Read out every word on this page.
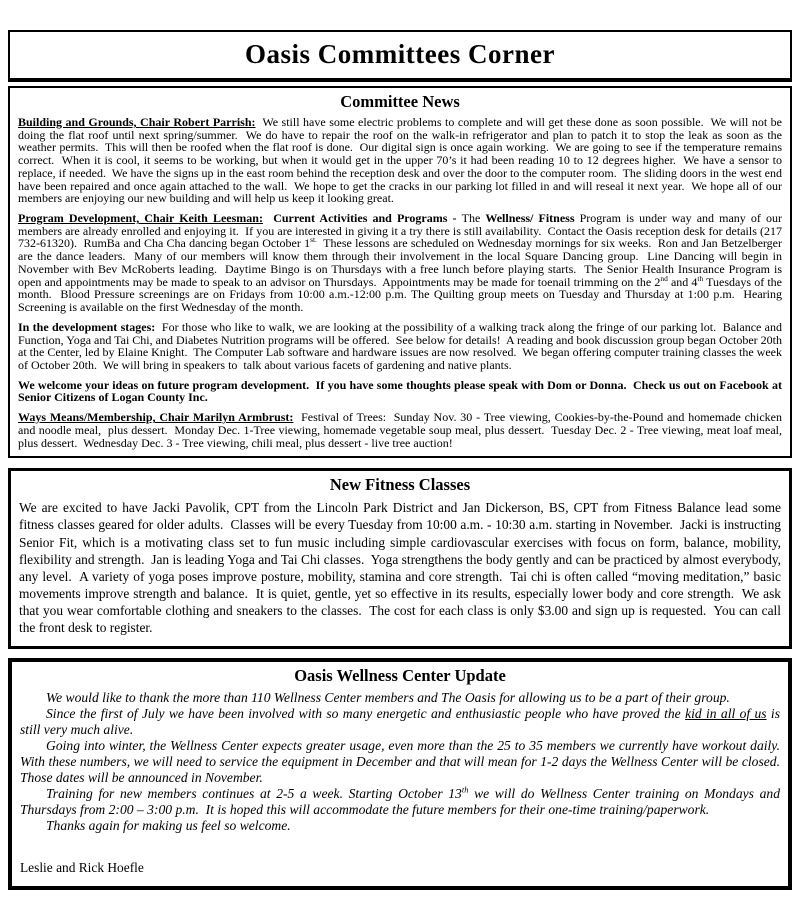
Oasis Committees Corner
Committee News

Building and Grounds, Chair Robert Parrish:  We still have some electric problems to complete and will get these done as soon possible.  We will not be doing the flat roof until next spring/summer.  We do have to repair the roof on the walk-in refrigerator and plan to patch it to stop the leak as soon as the weather permits.  This will then be roofed when the flat roof is done.  Our digital sign is once again working.  We are going to see if the temperature remains correct.  When it is cool, it seems to be working, but when it would get in the upper 70’s it had been reading 10 to 12 degrees higher.  We have a sensor to replace, if needed.  We have the signs up in the east room behind the reception desk and over the door to the computer room.  The sliding doors in the west end have been repaired and once again attached to the wall.  We hope to get the cracks in our parking lot filled in and will reseal it next year.  We hope all of our members are enjoying our new building and will help us keep it looking great.

Program Development, Chair Keith Leesman: Current Activities and Programs - The Wellness/ Fitness Program is under way and many of our members are already enrolled and enjoying it.  If you are interested in giving it a try there is still availability.  Contact the Oasis reception desk for details (217 732-61320).  RumBa and Cha Cha dancing began October $1^{st.}$  These lessons are scheduled on Wednesday mornings for six weeks.  Ron and Jan Betzelberger are the dance leaders.  Many of our members will know them through their involvement in the local Square Dancing group.  Line Dancing will begin in November with Bev McRoberts leading.  Daytime Bingo is on Thursdays with a free lunch before playing starts.  The Senior Health Insurance Program is open and appointments may be made to speak to an advisor on Thursdays.  Appointments may be made for toenail trimming on the 2nd and 4th Tuesdays of the month.  Blood Pressure screenings are on Fridays from 10:00 a.m.-12:00 p.m. The Quilting group meets on Tuesday and Thursday at 1:00 p.m.  Hearing Screening is available on the first Wednesday of the month.

In the development stages:  For those who like to walk, we are looking at the possibility of a walking track along the fringe of our parking lot.  Balance and Function, Yoga and Tai Chi, and Diabetes Nutrition programs will be offered.  See below for details!  A reading and book discussion group began October 20th at the Center, led by Elaine Knight.  The Computer Lab software and hardware issues are now resolved.  We began offering computer training classes the week of October 20th.  We will bring in speakers to  talk about various facets of gardening and native plants.

We welcome your ideas on future program development.  If you have some thoughts please speak with Dom or Donna.  Check us out on Facebook at Senior Citizens of Logan County Inc.

Ways Means/Membership, Chair Marilyn Armbrust:  Festival of Trees:  Sunday Nov. 30 - Tree viewing, Cookies-by-the-Pound and homemade chicken and noodle meal,  plus dessert.  Monday Dec. 1-Tree viewing, homemade vegetable soup meal, plus dessert.  Tuesday Dec. 2 - Tree viewing, meat loaf meal, plus dessert.  Wednesday Dec. 3 - Tree viewing, chili meal, plus dessert - live tree auction!

New Fitness Classes

We are excited to have Jacki Pavolik, CPT from the Lincoln Park District and Jan Dickerson, BS, CPT from Fitness Balance lead some fitness classes geared for older adults.  Classes will be every Tuesday from 10:00 a.m. - 10:30 a.m. starting in November.  Jacki is instructing Senior Fit, which is a motivating class set to fun music including simple cardiovascular exercises with focus on form, balance, mobility, flexibility and strength.  Jan is leading Yoga and Tai Chi classes.  Yoga strengthens the body gently and can be practiced by almost everybody, any level.  A variety of yoga poses improve posture, mobility, stamina and core strength.  Tai chi is often called “moving meditation,” basic movements improve strength and balance.  It is quiet, gentle, yet so effective in its results, especially lower body and core strength.  We ask that you wear comfortable clothing and sneakers to the classes.  The cost for each class is only $3.00 and sign up is requested.  You can call the front desk to register.

Oasis Wellness Center Update

We would like to thank the more than 110 Wellness Center members and The Oasis for allowing us to be a part of their group.

Since the first of July we have been involved with so many energetic and enthusiastic people who have proved the kid in all of us is still very much alive.

Going into winter, the Wellness Center expects greater usage, even more than the 25 to 35 members we currently have workout daily. With these numbers, we will need to service the equipment in December and that will mean for 1-2 days the Wellness Center will be closed.  Those dates will be announced in November.

Training for new members continues at 2-5 a week. Starting October 13th we will do Wellness Center training on Mondays and Thursdays from 2:00 – 3:00 p.m.  It is hoped this will accommodate the future members for their one-time training/paperwork.

Thanks again for making us feel so welcome.

Leslie and Rick Hoefle
